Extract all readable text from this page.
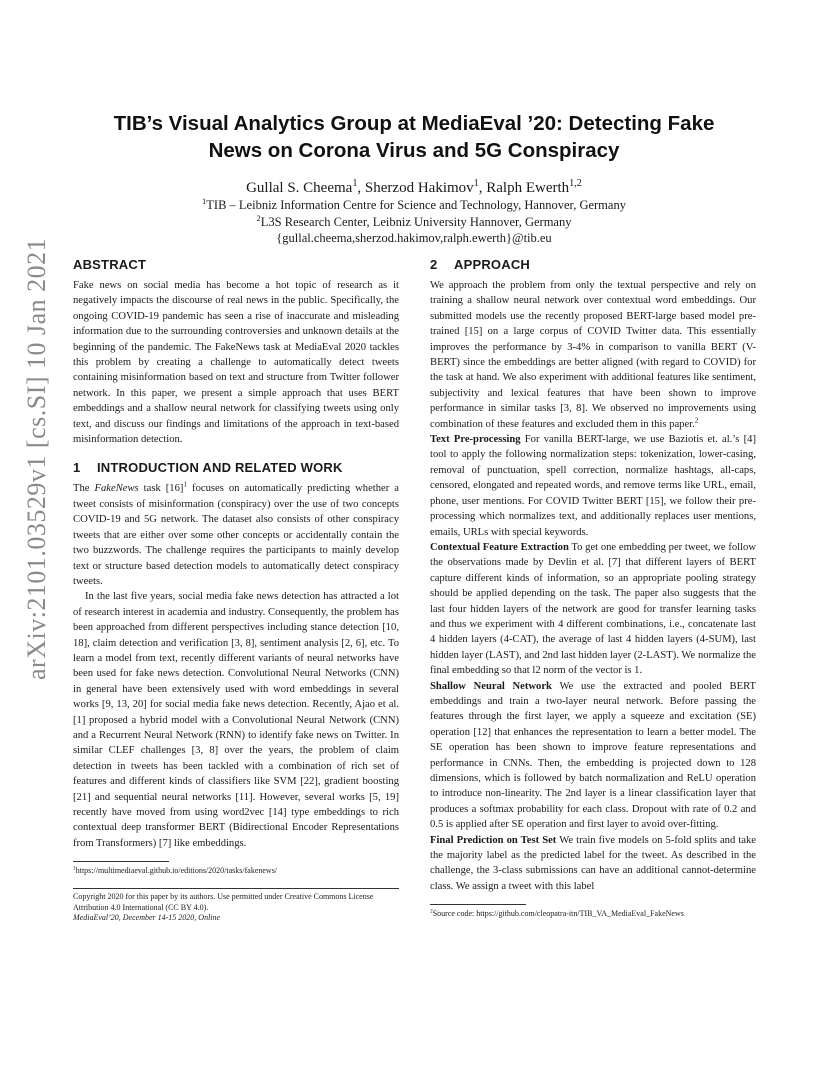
arXiv:2101.03529v1 [cs.SI] 10 Jan 2021
TIB’s Visual Analytics Group at MediaEval ’20: Detecting Fake
News on Corona Virus and 5G Conspiracy
Gullal S. Cheema$^1$, Sherzod Hakimov$^1$, Ralph Ewerth$^{1,2}$
$^1$TIB – Leibniz Information Centre for Science and Technology, Hannover, Germany
$^2$L3S Research Center, Leibniz University Hannover, Germany
{gullal.cheema,sherzod.hakimov,ralph.ewerth}@tib.eu
ABSTRACT

Fake news on social media has become a hot topic of research as it negatively impacts the discourse of real news in the public. Specifically, the ongoing COVID-19 pandemic has seen a rise of inaccurate and misleading information due to the surrounding controversies and unknown details at the beginning of the pandemic. The FakeNews task at MediaEval 2020 tackles this problem by creating a challenge to automatically detect tweets containing misinformation based on text and structure from Twitter follower network. In this paper, we present a simple approach that uses BERT embeddings and a shallow neural network for classifying tweets using only text, and discuss our findings and limitations of the approach in text-based misinformation detection.

1 INTRODUCTION AND RELATED WORK

The FakeNews task $[16]^1$ focuses on automatically predicting whether a tweet consists of misinformation (conspiracy) over the use of two concepts COVID-19 and 5G network. The dataset also consists of other conspiracy tweets that are either over some other concepts or accidentally contain the two buzzwords. The challenge requires the participants to mainly develop text or structure based detection models to automatically detect conspiracy tweets.

In the last five years, social media fake news detection has attracted a lot of research interest in academia and industry. Consequently, the problem has been approached from different perspectives including stance detection [10, 18], claim detection and verification [3, 8], sentiment analysis [2, 6], etc. To learn a model from text, recently different variants of neural networks have been used for fake news detection. Convolutional Neural Networks (CNN) in general have been extensively used with word embeddings in several works [9, 13, 20] for social media fake news detection. Recently, Ajao et al. [1] proposed a hybrid model with a Convolutional Neural Network (CNN) and a Recurrent Neural Network (RNN) to identify fake news on Twitter. In similar CLEF challenges [3, 8] over the years, the problem of claim detection in tweets has been tackled with a combination of rich set of features and different kinds of classifiers like SVM [22], gradient boosting [21] and sequential neural networks [11]. However, several works [5, 19] recently have moved from using word2vec [14] type embeddings to rich contextual deep transformer BERT (Bidirectional Encoder Representations from Transformers) [7] like embeddings.

$^1$https://multimediaeval.github.io/editions/2020/tasks/fakenews/
Copyright 2020 for this paper by its authors. Use permitted under Creative Commons License Attribution 4.0 International (CC BY 4.0).
MediaEval’20, December 14-15 2020, Online
2 APPROACH

We approach the problem from only the textual perspective and rely on training a shallow neural network over contextual word embeddings. Our submitted models use the recently proposed BERT-large based model pre-trained [15] on a large corpus of COVID Twitter data. This essentially improves the performance by 3-4% in comparison to vanilla BERT (V-BERT) since the embeddings are better aligned (with regard to COVID) for the task at hand. We also experiment with additional features like sentiment, subjectivity and lexical features that have been shown to improve performance in similar tasks [3, 8]. We observed no improvements using combination of these features and excluded them in this paper.$^2$

Text Pre-processing For vanilla BERT-large, we use Baziotis et. al.’s [4] tool to apply the following normalization steps: tokenization, lower-casing, removal of punctuation, spell correction, normalize hashtags, all-caps, censored, elongated and repeated words, and remove terms like URL, email, phone, user mentions. For COVID Twitter BERT [15], we follow their pre-processing which normalizes text, and additionally replaces user mentions, emails, URLs with special keywords.

Contextual Feature Extraction To get one embedding per tweet, we follow the observations made by Devlin et al. [7] that different layers of BERT capture different kinds of information, so an appropriate pooling strategy should be applied depending on the task. The paper also suggests that the last four hidden layers of the network are good for transfer learning tasks and thus we experiment with 4 different combinations, i.e., concatenate last 4 hidden layers (4-CAT), the average of last 4 hidden layers (4-SUM), last hidden layer (LAST), and 2nd last hidden layer (2-LAST). We normalize the final embedding so that l2 norm of the vector is 1.

Shallow Neural Network We use the extracted and pooled BERT embeddings and train a two-layer neural network. Before passing the features through the first layer, we apply a squeeze and excitation (SE) operation [12] that enhances the representation to learn a better model. The SE operation has been shown to improve feature representations and performance in CNNs. Then, the embedding is projected down to 128 dimensions, which is followed by batch normalization and ReLU operation to introduce non-linearity. The 2nd layer is a linear classification layer that produces a softmax probability for each class. Dropout with rate of 0.2 and 0.5 is applied after SE operation and first layer to avoid over-fitting.

Final Prediction on Test Set We train five models on 5-fold splits and take the majority label as the predicted label for the tweet. As described in the challenge, the 3-class submissions can have an additional cannot-determine class. We assign a tweet with this label

$^2$Source code: https://github.com/cleopatra-itn/TIB_VA_MediaEval_FakeNews
